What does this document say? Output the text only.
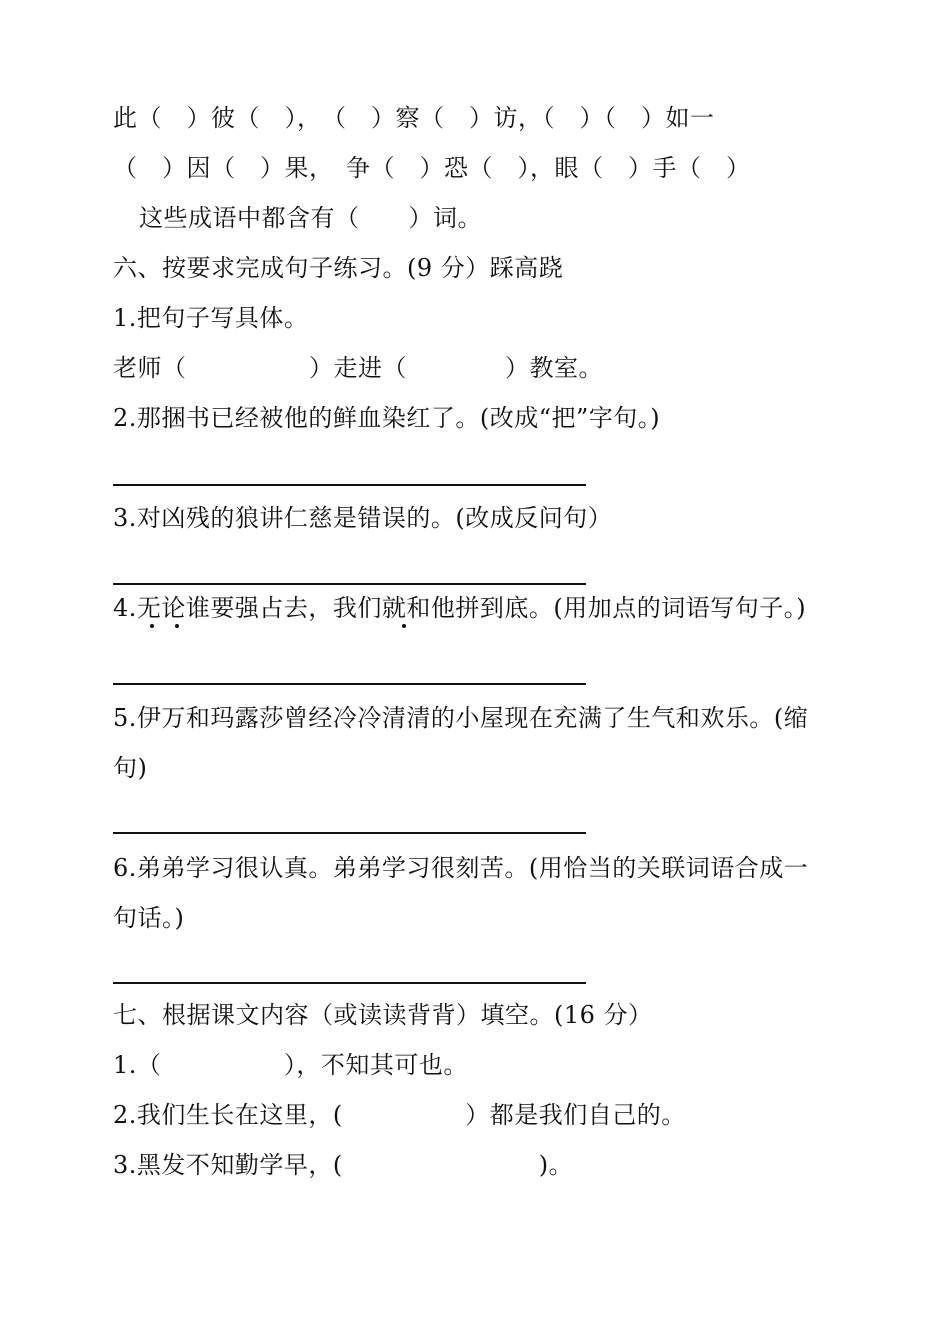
此（　）彼（　），　（　）察（　）访，（　）（　）如一
（　）因（　）果，　争（　）恐（　），眼（　）手（　）
这些成语中都含有（　　）词。
六、按要求完成句子练习。(9 分）踩高跷
1.把句子写具体。
老师（　　　　　）走进（　　　　）教室。
2.那捆书已经被他的鲜血染红了。(改成“把”字句。)
3.对凶残的狼讲仁慈是错误的。(改成反问句）
4.无论谁要强占去，我们就和他拼到底。(用加点的词语写句子。)
5.伊万和玛露莎曾经冷冷清清的小屋现在充满了生气和欢乐。(缩
句)
6.弟弟学习很认真。弟弟学习很刻苦。(用恰当的关联词语合成一
句话。)
七、根据课文内容（或读读背背）填空。(16 分）
1.（　　　　　），不知其可也。
2.我们生长在这里，(　　　　　）都是我们自己的。
3.黑发不知勤学早，(　　　　　　　　)。
